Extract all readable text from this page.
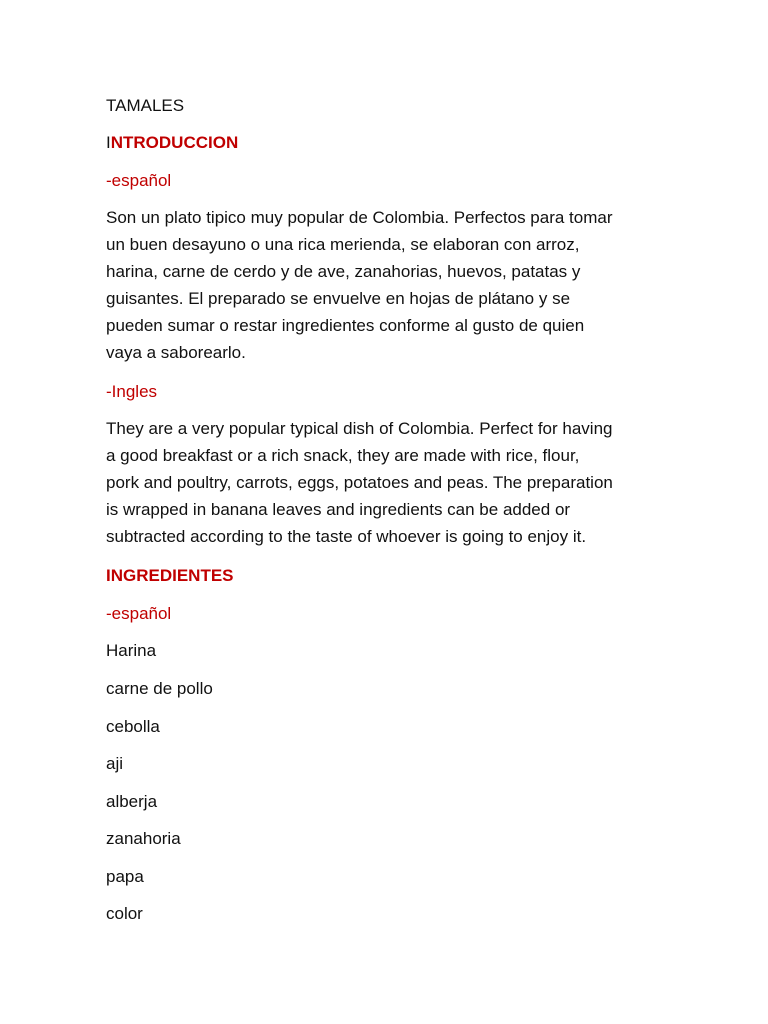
TAMALES

INTRODUCCION

-español

Son un plato tipico muy popular de Colombia. Perfectos para tomar

un buen desayuno o una rica merienda, se elaboran con arroz,

harina, carne de cerdo y de ave, zanahorias, huevos, patatas y

guisantes. El preparado se envuelve en hojas de plátano y se

pueden sumar o restar ingredientes conforme al gusto de quien

vaya a saborearlo.

-Ingles

They are a very popular typical dish of Colombia. Perfect for having

a good breakfast or a rich snack, they are made with rice, flour,

pork and poultry, carrots, eggs, potatoes and peas. The preparation

is wrapped in banana leaves and ingredients can be added or

subtracted according to the taste of whoever is going to enjoy it.

INGREDIENTES

-español

Harina

carne de pollo

cebolla

aji

alberja

zanahoria

papa

color
